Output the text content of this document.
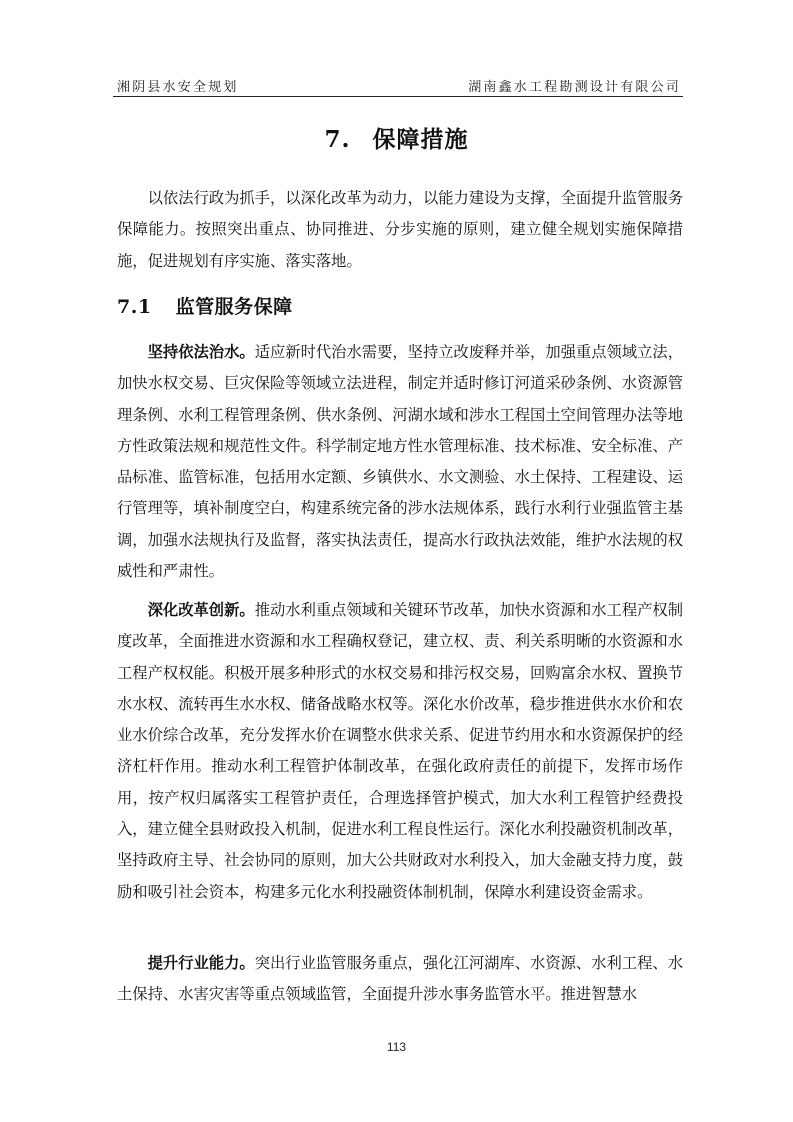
湘阴县水安全规划	湖南鑫水工程勘测设计有限公司
7. 保障措施

以依法行政为抓手，以深化改革为动力，以能力建设为支撑，全面提升监管服务保障能力。按照突出重点、协同推进、分步实施的原则，建立健全规划实施保障措施，促进规划有序实施、落实落地。

7.1 监管服务保障

坚持依法治水。适应新时代治水需要，坚持立改废释并举，加强重点领域立法，加快水权交易、巨灾保险等领域立法进程，制定并适时修订河道采砂条例、水资源管理条例、水利工程管理条例、供水条例、河湖水域和涉水工程国土空间管理办法等地方性政策法规和规范性文件。科学制定地方性水管理标准、技术标准、安全标准、产品标准、监管标准，包括用水定额、乡镇供水、水文测验、水土保持、工程建设、运行管理等，填补制度空白，构建系统完备的涉水法规体系，践行水利行业强监管主基调，加强水法规执行及监督，落实执法责任，提高水行政执法效能，维护水法规的权威性和严肃性。

深化改革创新。推动水利重点领域和关键环节改革，加快水资源和水工程产权制度改革，全面推进水资源和水工程确权登记，建立权、责、利关系明晰的水资源和水工程产权权能。积极开展多种形式的水权交易和排污权交易，回购富余水权、置换节水水权、流转再生水水权、储备战略水权等。深化水价改革，稳步推进供水水价和农业水价综合改革，充分发挥水价在调整水供求关系、促进节约用水和水资源保护的经济杠杆作用。推动水利工程管护体制改革，在强化政府责任的前提下，发挥市场作用，按产权归属落实工程管护责任，合理选择管护模式，加大水利工程管护经费投入，建立健全县财政投入机制，促进水利工程良性运行。深化水利投融资机制改革，坚持政府主导、社会协同的原则，加大公共财政对水利投入，加大金融支持力度，鼓励和吸引社会资本，构建多元化水利投融资体制机制，保障水利建设资金需求。

提升行业能力。突出行业监管服务重点，强化江河湖库、水资源、水利工程、水土保持、水害灾害等重点领域监管，全面提升涉水事务监管水平。推进智慧水

113
